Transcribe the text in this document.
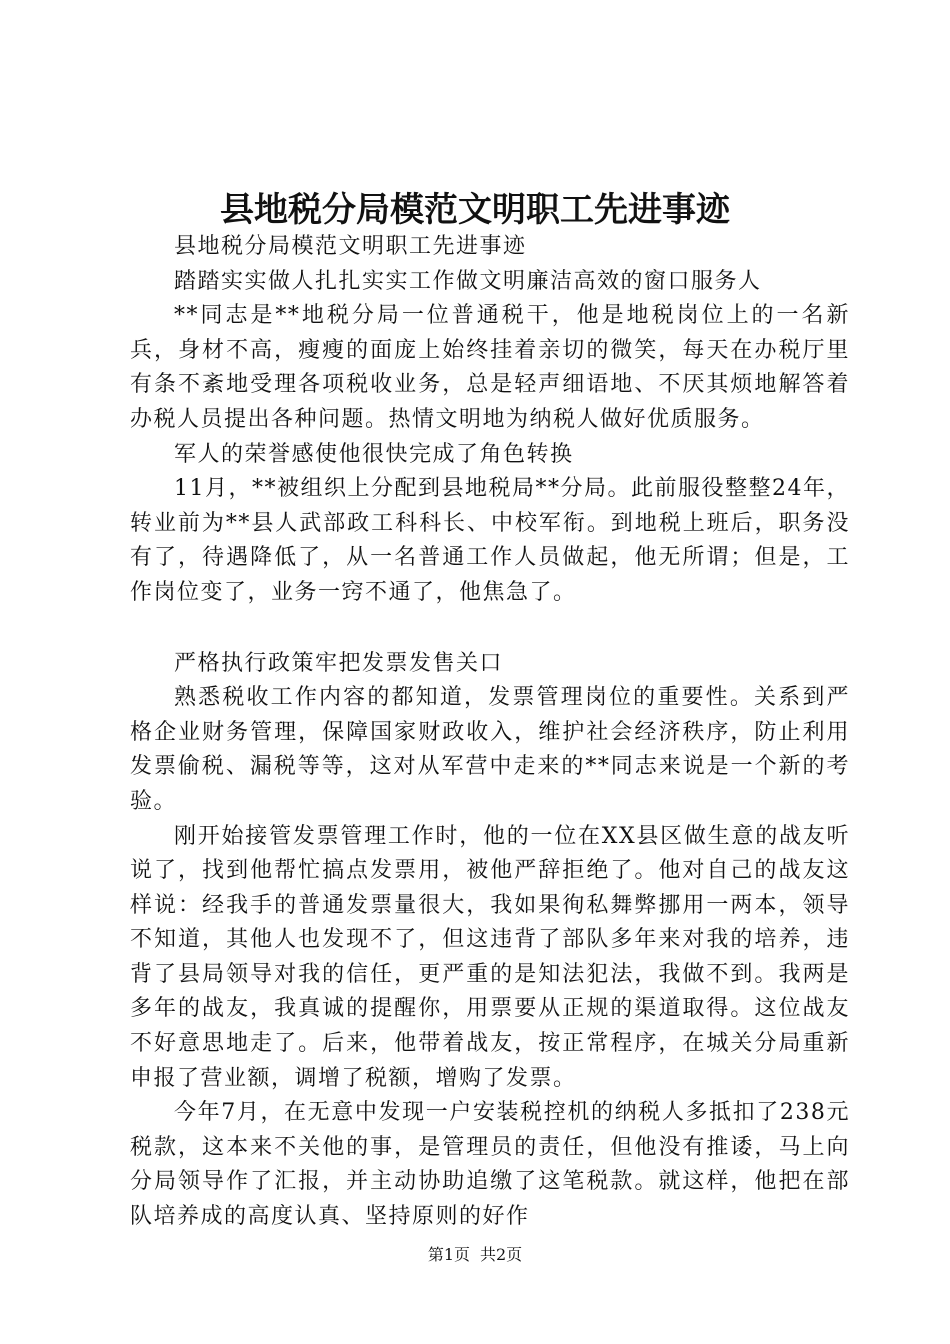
县地税分局模范文明职工先进事迹

县地税分局模范文明职工先进事迹

踏踏实实做人扎扎实实工作做文明廉洁高效的窗口服务人

**同志是**地税分局一位普通税干，他是地税岗位上的一名新兵，身材不高，瘦瘦的面庞上始终挂着亲切的微笑，每天在办税厅里有条不紊地受理各项税收业务，总是轻声细语地、不厌其烦地解答着办税人员提出各种问题。热情文明地为纳税人做好优质服务。

军人的荣誉感使他很快完成了角色转换

11月，**被组织上分配到县地税局**分局。此前服役整整24年，转业前为**县人武部政工科科长、中校军衔。到地税上班后，职务没有了，待遇降低了，从一名普通工作人员做起，他无所谓；但是，工作岗位变了，业务一窍不通了，他焦急了。

严格执行政策牢把发票发售关口

熟悉税收工作内容的都知道，发票管理岗位的重要性。关系到严格企业财务管理，保障国家财政收入，维护社会经济秩序，防止利用发票偷税、漏税等等，这对从军营中走来的**同志来说是一个新的考验。

刚开始接管发票管理工作时，他的一位在XX县区做生意的战友听说了，找到他帮忙搞点发票用，被他严辞拒绝了。他对自己的战友这样说：经我手的普通发票量很大，我如果徇私舞弊挪用一两本，领导不知道，其他人也发现不了，但这违背了部队多年来对我的培养，违背了县局领导对我的信任，更严重的是知法犯法，我做不到。我两是多年的战友，我真诚的提醒你，用票要从正规的渠道取得。这位战友不好意思地走了。后来，他带着战友，按正常程序，在城关分局重新申报了营业额，调增了税额，增购了发票。

今年7月，在无意中发现一户安装税控机的纳税人多抵扣了238元税款，这本来不关他的事，是管理员的责任，但他没有推诿，马上向分局领导作了汇报，并主动协助追缴了这笔税款。就这样，他把在部队培养成的高度认真、坚持原则的好作

第1页 共2页
